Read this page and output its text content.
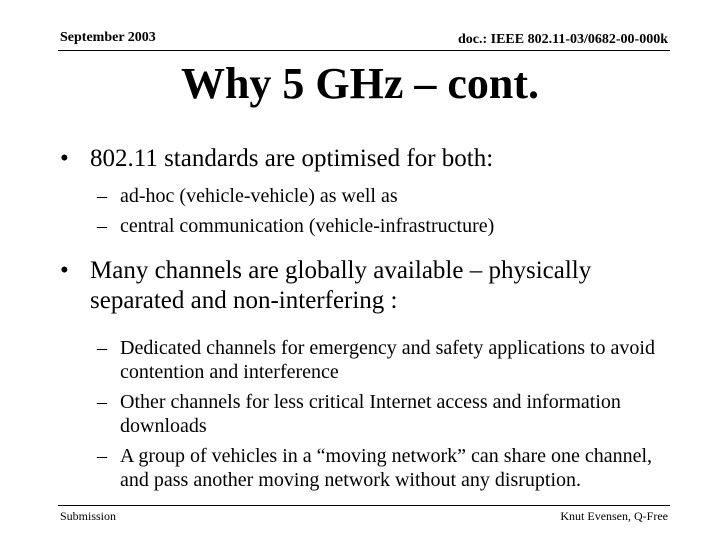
September 2003	doc.: IEEE 802.11-03/0682-00-000k
Why 5 GHz – cont.
• 802.11 standards are optimised for both:
– ad-hoc (vehicle-vehicle) as well as
– central communication (vehicle-infrastructure)
• Many channels are globally available – physically separated and non-interfering :
– Dedicated channels for emergency and safety applications to avoid contention and interference
– Other channels for less critical Internet access and information downloads
– A group of vehicles in a “moving network” can share one channel, and pass another moving network without any disruption.
Submission	Knut Evensen, Q-Free
